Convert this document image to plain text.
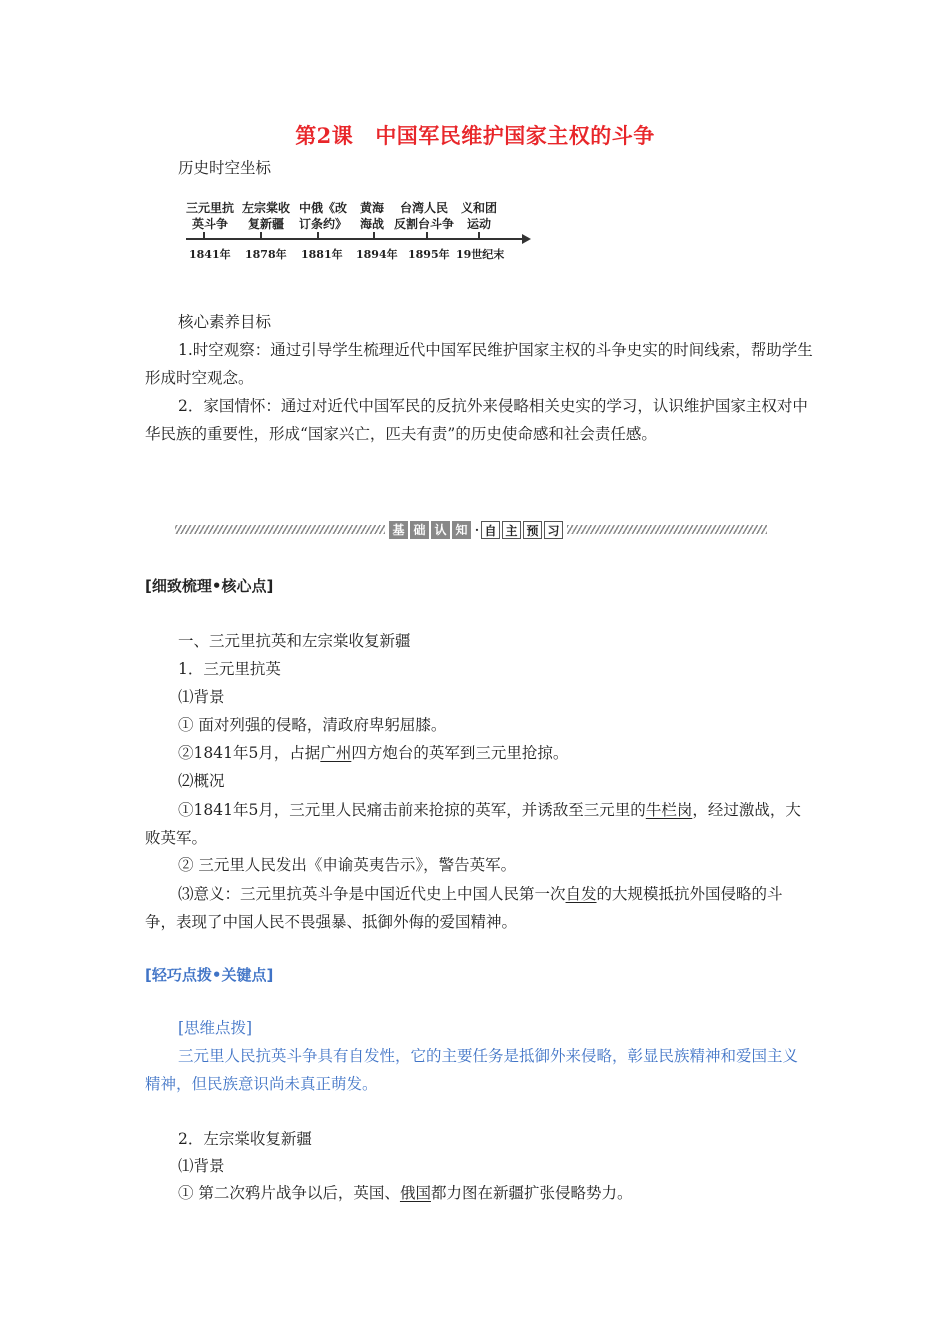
第2课 中国军民维护国家主权的斗争
历史时空坐标
三元里抗
英斗争
左宗棠收
复新疆
中俄《改
订条约》
黄海
海战
台湾人民
反割台斗争
义和团
运动
1841年 1878年 1881年 1894年 1895年 19世纪末
核心素养目标
1.时空观察：通过引导学生梳理近代中国军民维护国家主权的斗争史实的时间线索，帮助学生形成时空观念。
2．家国情怀：通过对近代中国军民的反抗外来侵略相关史实的学习，认识维护国家主权对中华民族的重要性，形成“国家兴亡，匹夫有责”的历史使命感和社会责任感。
基 础 认 知 · 自 主 预 习
[细致梳理•核心点]
一、三元里抗英和左宗棠收复新疆
1．三元里抗英
⑴背景
① 面对列强的侵略，清政府卑躬屈膝。
②1841年5月，占据广州四方炮台的英军到三元里抢掠。
⑵概况
①1841年5月，三元里人民痛击前来抢掠的英军，并诱敌至三元里的牛栏岗，经过激战，大败英军。
② 三元里人民发出《申谕英夷告示》，警告英军。
⑶意义：三元里抗英斗争是中国近代史上中国人民第一次自发的大规模抵抗外国侵略的斗争，表现了中国人民不畏强暴、抵御外侮的爱国精神。
[轻巧点拨•关键点]
[思维点拨]
三元里人民抗英斗争具有自发性，它的主要任务是抵御外来侵略，彰显民族精神和爱国主义精神，但民族意识尚未真正萌发。
2．左宗棠收复新疆
⑴背景
① 第二次鸦片战争以后，英国、俄国都力图在新疆扩张侵略势力。
